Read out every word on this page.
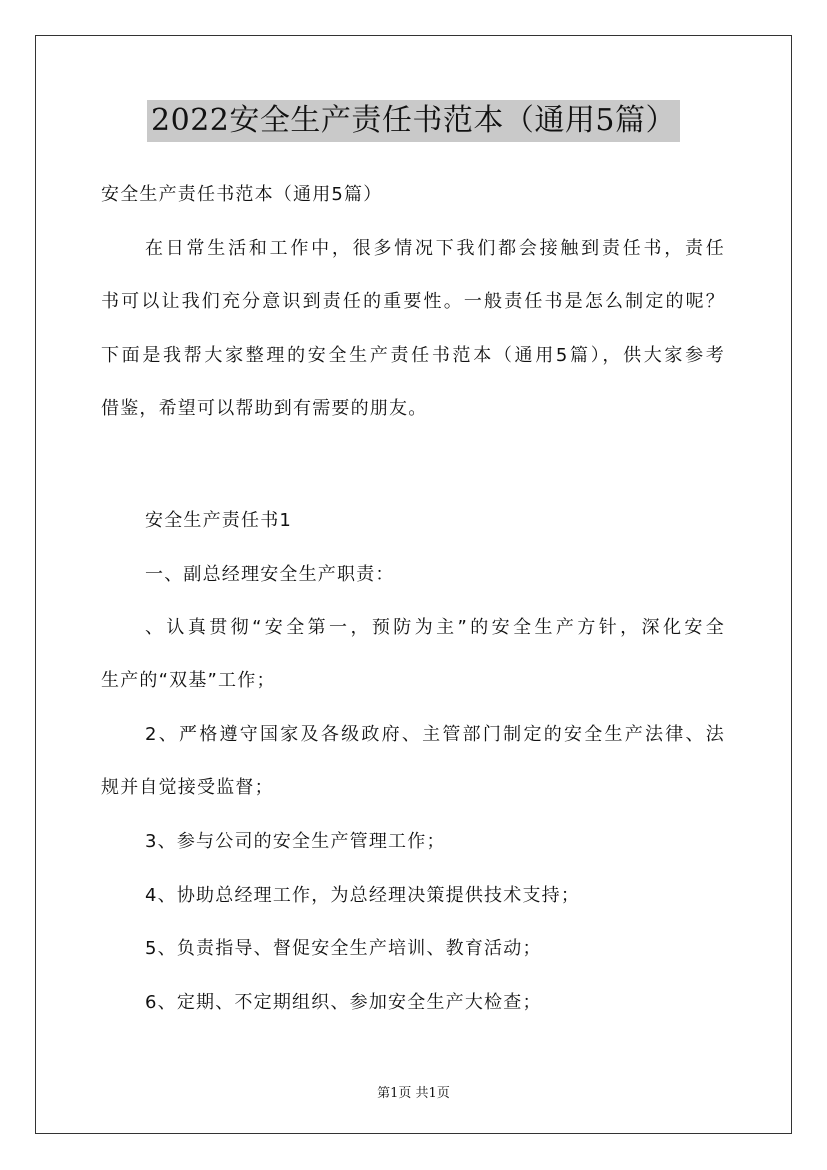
2022安全生产责任书范本（通用5篇）
安全生产责任书范本（通用5篇）
在日常生活和工作中，很多情况下我们都会接触到责任书，责任
书可以让我们充分意识到责任的重要性。一般责任书是怎么制定的呢？
下面是我帮大家整理的安全生产责任书范本（通用5篇），供大家参考
借鉴，希望可以帮助到有需要的朋友。
安全生产责任书1
一、副总经理安全生产职责：
、认真贯彻“安全第一，预防为主”的安全生产方针，深化安全
生产的“双基”工作；
2、严格遵守国家及各级政府、主管部门制定的安全生产法律、法
规并自觉接受监督；
3、参与公司的安全生产管理工作；
4、协助总经理工作，为总经理决策提供技术支持；
5、负责指导、督促安全生产培训、教育活动；
6、定期、不定期组织、参加安全生产大检查；
第1页 共1页
